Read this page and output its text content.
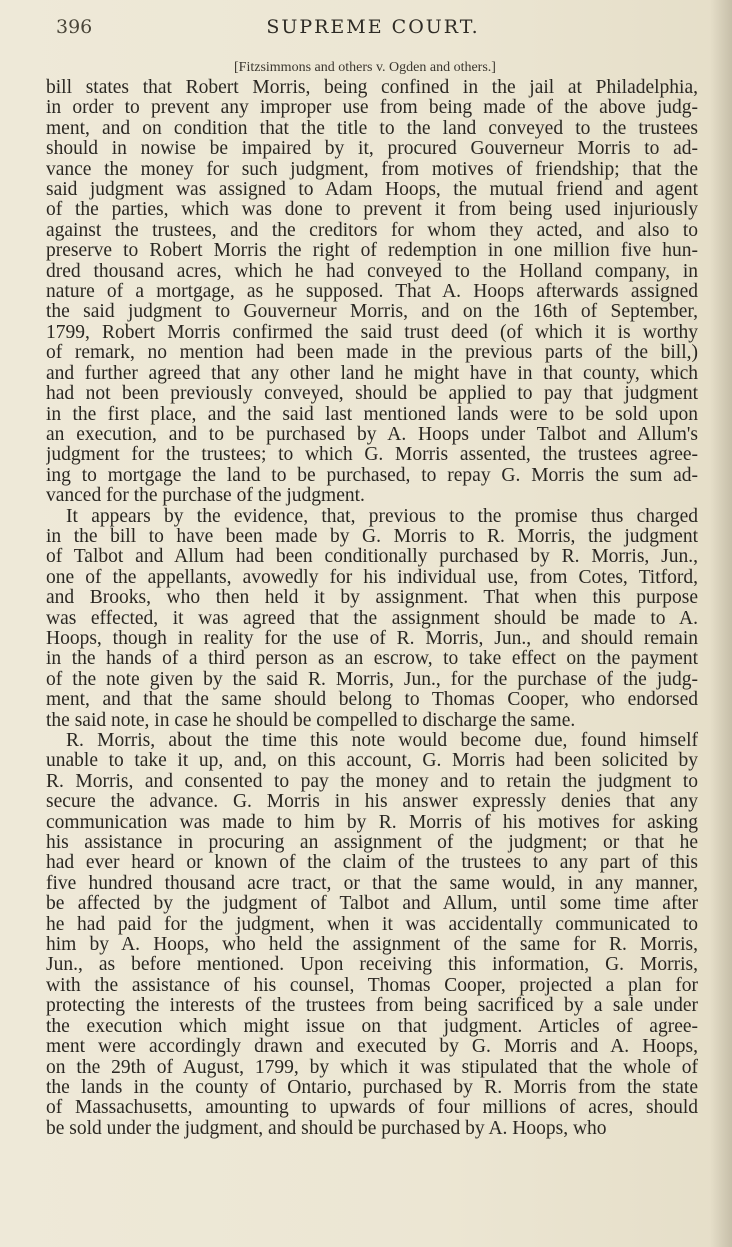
396	SUPREME COURT.
[Fitzsimmons and others v. Ogden and others.]
bill states that Robert Morris, being confined in the jail at Philadelphia,
in order to prevent any improper use from being made of the above judg-
ment, and on condition that the title to the land conveyed to the trustees
should in nowise be impaired by it, procured Gouverneur Morris to ad-
vance the money for such judgment, from motives of friendship; that the
said judgment was assigned to Adam Hoops, the mutual friend and agent
of the parties, which was done to prevent it from being used injuriously
against the trustees, and the creditors for whom they acted, and also to
preserve to Robert Morris the right of redemption in one million five hun-
dred thousand acres, which he had conveyed to the Holland company, in
nature of a mortgage, as he supposed. That A. Hoops afterwards assigned
the said judgment to Gouverneur Morris, and on the 16th of September,
1799, Robert Morris confirmed the said trust deed (of which it is worthy
of remark, no mention had been made in the previous parts of the bill,)
and further agreed that any other land he might have in that county, which
had not been previously conveyed, should be applied to pay that judgment
in the first place, and the said last mentioned lands were to be sold upon
an execution, and to be purchased by A. Hoops under Talbot and Allum's
judgment for the trustees; to which G. Morris assented, the trustees agree-
ing to mortgage the land to be purchased, to repay G. Morris the sum ad-
vanced for the purchase of the judgment.
It appears by the evidence, that, previous to the promise thus charged
in the bill to have been made by G. Morris to R. Morris, the judgment
of Talbot and Allum had been conditionally purchased by R. Morris, Jun.,
one of the appellants, avowedly for his individual use, from Cotes, Titford,
and Brooks, who then held it by assignment. That when this purpose
was effected, it was agreed that the assignment should be made to A.
Hoops, though in reality for the use of R. Morris, Jun., and should remain
in the hands of a third person as an escrow, to take effect on the payment
of the note given by the said R. Morris, Jun., for the purchase of the judg-
ment, and that the same should belong to Thomas Cooper, who endorsed
the said note, in case he should be compelled to discharge the same.
R. Morris, about the time this note would become due, found himself
unable to take it up, and, on this account, G. Morris had been solicited by
R. Morris, and consented to pay the money and to retain the judgment to
secure the advance. G. Morris in his answer expressly denies that any
communication was made to him by R. Morris of his motives for asking
his assistance in procuring an assignment of the judgment; or that he
had ever heard or known of the claim of the trustees to any part of this
five hundred thousand acre tract, or that the same would, in any manner,
be affected by the judgment of Talbot and Allum, until some time after
he had paid for the judgment, when it was accidentally communicated to
him by A. Hoops, who held the assignment of the same for R. Morris,
Jun., as before mentioned. Upon receiving this information, G. Morris,
with the assistance of his counsel, Thomas Cooper, projected a plan for
protecting the interests of the trustees from being sacrificed by a sale under
the execution which might issue on that judgment. Articles of agree-
ment were accordingly drawn and executed by G. Morris and A. Hoops,
on the 29th of August, 1799, by which it was stipulated that the whole of
the lands in the county of Ontario, purchased by R. Morris from the state
of Massachusetts, amounting to upwards of four millions of acres, should
be sold under the judgment, and should be purchased by A. Hoops, who
